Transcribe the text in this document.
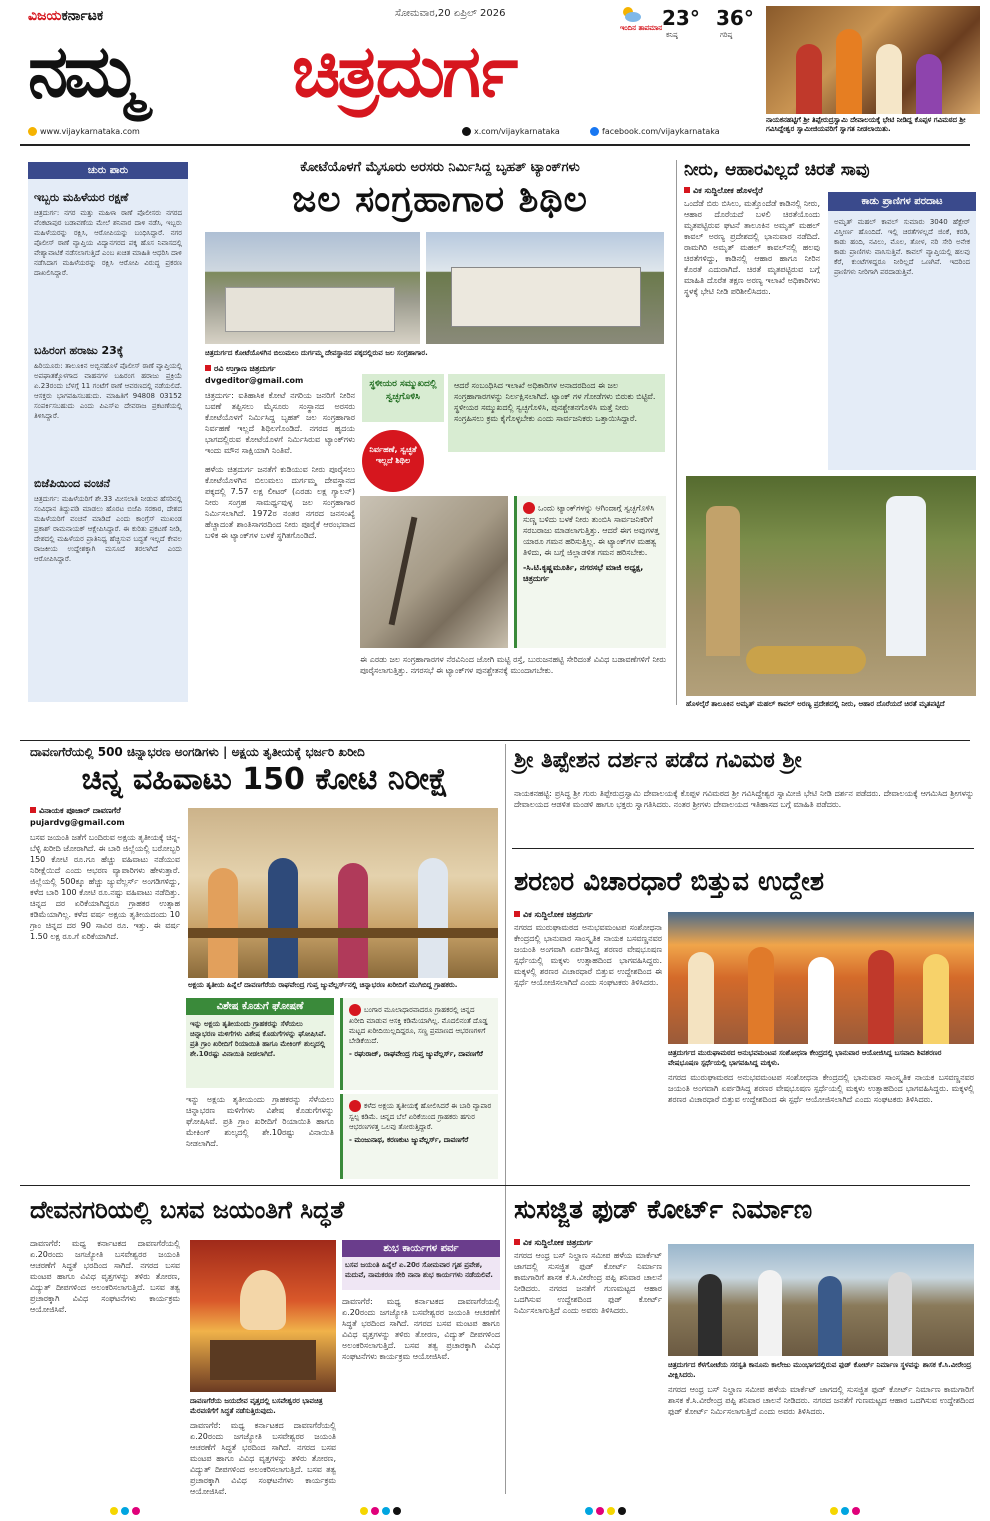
ವಿಜಯಕರ್ನಾಟಕ
ನಮ್ಮ ಚಿತ್ರದುರ್ಗ
ಸೋಮವಾರ,20 ಏಪ್ರಿಲ್ 2026
ಇಂದಿನ ತಾಪಮಾನ 23° 36°
ಕನಿಷ್ಠ	ಗರಿಷ್ಠ
ನಾಯಕನಹಟ್ಟಿಗೆ ಶ್ರೀ ತಿಪ್ಪೇರುದ್ರಸ್ವಾಮಿ ದೇವಾಲಯಕ್ಕೆ ಭೇಟಿ ನೀಡಿದ್ದ ಕೊಪ್ಪಳ ಗವಿಮಠದ ಶ್ರೀ ಗವಿಸಿದ್ದೇಶ್ವರ ಸ್ವಾಮೀಜಿಯವರಿಗೆ ಸ್ವಾಗತ ನೀಡಲಾಯಿತು.
www.vijaykarnataka.com	x.com/vijaykarnataka	facebook.com/vijaykarnataka
ಚುರು ಪಾರು
ಇಬ್ಬರು ಮಹಿಳೆಯರ ರಕ್ಷಣೆ
ಚಿತ್ರದುರ್ಗ: ನಗರ ಮತ್ತು ಮಹಿಳಾ ಠಾಣೆ ಪೊಲೀಸರು ನಗರದ ವೆಂಕಟಾಪುರ ಬಡಾವಣೆಯ ಮೇಲೆ ಶನಿವಾರ ದಾಳಿ ನಡೆಸಿ, ಇಬ್ಬರು ಮಹಿಳೆಯರನ್ನು ರಕ್ಷಿಸಿ, ಆರೋಪಿಯನ್ನು ಬಂಧಿಸಿದ್ದಾರೆ. ನಗರ ಪೊಲೀಸ್ ಠಾಣೆ ವ್ಯಾಪ್ತಿಯ ವಿದ್ಯಾನಗರದ ಪಕ್ಕ ಹೊಸ ನಿವಾಸದಲ್ಲಿ ವೇಶ್ಯಾವಾಟಿಕೆ ನಡೆಸಲಾಗುತ್ತಿದೆ ಎಂಬ ಖಚಿತ ಮಾಹಿತಿ ಆಧರಿಸಿ ದಾಳಿ ನಡೆಸಿದಾಗ ಮಹಿಳೆಯರನ್ನು ರಕ್ಷಿಸಿ ಆರೋಪಿ ವಿರುದ್ಧ ಪ್ರಕರಣ ದಾಖಲಿಸಿದ್ದಾರೆ.
ಬಹಿರಂಗ ಹರಾಜು 23ಕ್ಕೆ
ಹಿರಿಯೂರು: ತಾಲೂಕಿನ ಅಬ್ಬಿನಹೊಳೆ ಪೊಲೀಸ್ ಠಾಣೆ ವ್ಯಾಪ್ತಿಯಲ್ಲಿ ಅಪಘಾತಕ್ಕೊಳಗಾದ ವಾಹನಗಳ ಬಹಿರಂಗ ಹರಾಜು ಪ್ರಕ್ರಿಯೆ ಏ.23ರಂದು ಬೆಳಗ್ಗೆ 11 ಗಂಟೆಗೆ ಠಾಣೆ ಆವರಣದಲ್ಲಿ ನಡೆಯಲಿದೆ. ಆಸಕ್ತರು ಭಾಗವಹಿಸಬಹುದು. ಮಾಹಿತಿಗೆ 94808 03152 ಸಂಪರ್ಕಿಸಬಹುದು ಎಂದು ಪಿಎಸ್‌ಐ ದೇವರಾಜ ಪ್ರಕಟಣೆಯಲ್ಲಿ ತಿಳಿಸಿದ್ದಾರೆ.
ಬಿಜೆಪಿಯಿಂದ ವಂಚನೆ
ಚಿತ್ರದುರ್ಗ: ಮಹಿಳೆಯರಿಗೆ ಶೇ.33 ಮೀಸಲಾತಿ ನೀಡುವ ಹೆಸರಿನಲ್ಲಿ ಸಂವಿಧಾನ ತಿದ್ದುಪಡಿ ಮಾಡಲು ಹೊರಟ ಬಿಜೆಪಿ ಸರಕಾರ, ದೇಶದ ಮಹಿಳೆಯರಿಗೆ ವಂಚನೆ ಮಾಡಿದೆ ಎಂದು ಕಾಂಗ್ರೆಸ್ ಮುಖಂಡ ಪ್ರಕಾಶ್ ರಾಮನಾಯಕ್ ಆಕ್ಷೇಪಿಸಿದ್ದಾರೆ. ಈ ಕುರಿತು ಪ್ರಕಟಣೆ ನೀಡಿ, ದೇಶದಲ್ಲಿ ಮಹಿಳೆಯರ ಪ್ರಾತಿನಿಧ್ಯ ಹೆಚ್ಚಿಸುವ ಬದ್ಧತೆ ಇಲ್ಲದೆ ಕೇವಲ ರಾಜಕೀಯ ಉದ್ದೇಶಕ್ಕಾಗಿ ಮಸೂದೆ ತರಲಾಗಿದೆ ಎಂದು ಆರೋಪಿಸಿದ್ದಾರೆ.
ಕೋಟೆಯೊಳಗೆ ಮೈಸೂರು ಅರಸರು ನಿರ್ಮಿಸಿದ್ದ ಬೃಹತ್ ಟ್ಯಾಂಕ್‌ಗಳು
ಜಲ ಸಂಗ್ರಹಾಗಾರ ಶಿಥಿಲ
ಚಿತ್ರದುರ್ಗದ ಕೋಟೆಯೊಳಗಿನ ಬಿಲುಮಲು ದುರ್ಗಮ್ಮ ದೇವಸ್ಥಾನದ ಪಕ್ಕದಲ್ಲಿರುವ ಜಲ ಸಂಗ್ರಹಾಗಾರ.
ರವಿ ಉಗ್ರಾಣ ಚಿತ್ರದುರ್ಗ
dvgeditor@gmail.com
ಚಿತ್ರದುರ್ಗ: ಐತಿಹಾಸಿಕ ಕೋಟೆ ನಗರಿಯ ಜನರಿಗೆ ನೀರಿನ ಬವಣೆ ತಪ್ಪಿಸಲು ಮೈಸೂರು ಸಂಸ್ಥಾನದ ಅರಸರು ಕೋಟೆಯೊಳಗೆ ನಿರ್ಮಿಸಿದ್ದ ಬೃಹತ್ ಜಲ ಸಂಗ್ರಹಾಗಾರ ನಿರ್ವಹಣೆ ಇಲ್ಲದೆ ಶಿಥಿಲಗೊಂಡಿದೆ. ನಗರದ ಹೃದಯ ಭಾಗದಲ್ಲಿರುವ ಕೋಟೆಯೊಳಗೆ ನಿರ್ಮಿಸಿರುವ ಟ್ಯಾಂಕ್‌ಗಳು ಇಂದು ಮೌನ ಸಾಕ್ಷಿಯಾಗಿ ನಿಂತಿವೆ.
ಹಳೆಯ ಚಿತ್ರದುರ್ಗ ಜನತೆಗೆ ಕುಡಿಯುವ ನೀರು ಪೂರೈಸಲು ಕೋಟೆಯೊಳಗಿನ ಬಿಲುಮಲು ದುರ್ಗಮ್ಮ ದೇವಸ್ಥಾನದ ಪಕ್ಕದಲ್ಲಿ 7.57 ಲಕ್ಷ ಲೀಟರ್ (ಎರಡು ಲಕ್ಷ ಗ್ಯಾಲನ್) ನೀರು ಸಂಗ್ರಹ ಸಾಮರ್ಥ್ಯವುಳ್ಳ ಜಲ ಸಂಗ್ರಹಾಗಾರ ನಿರ್ಮಿಸಲಾಗಿದೆ. 1972ರ ನಂತರ ನಗರದ ಜನಸಂಖ್ಯೆ ಹೆಚ್ಚಾದಂತೆ ಶಾಂತಿಸಾಗರದಿಂದ ನೀರು ಪೂರೈಕೆ ಆರಂಭವಾದ ಬಳಿಕ ಈ ಟ್ಯಾಂಕ್‌ಗಳ ಬಳಕೆ ಸ್ಥಗಿತಗೊಂಡಿದೆ.
ಸ್ಥಳೀಯರ ಸಮ್ಮುಖದಲ್ಲಿ ಸ್ವಚ್ಛಗೊಳಿಸಿ
ಆದರೆ ಸಂಬಂಧಿಸಿದ ಇಲಾಖೆ ಅಧಿಕಾರಿಗಳ ಅನಾದರದಿಂದ ಈ ಜಲ ಸಂಗ್ರಹಾಗಾರಗಳನ್ನು ನಿರ್ಲಕ್ಷಿಸಲಾಗಿದೆ. ಟ್ಯಾಂಕ್ ಗಳ ಗೋಡೆಗಳು ಬಿರುಕು ಬಿಟ್ಟಿವೆ. ಸ್ಥಳೀಯರ ಸಮ್ಮುಖದಲ್ಲಿ ಸ್ವಚ್ಛಗೊಳಿಸಿ, ಪುನಶ್ಚೇತನಗೊಳಿಸಿ ಮತ್ತೆ ನೀರು ಸಂಗ್ರಹಿಸಲು ಕ್ರಮ ಕೈಗೊಳ್ಳಬೇಕು ಎಂದು ಸಾರ್ವಜನಿಕರು ಒತ್ತಾಯಿಸಿದ್ದಾರೆ.
ನಿರ್ವಹಣೆ, ಸ್ವಚ್ಛತೆ ಇಲ್ಲದೆ ಶಿಥಿಲ
ಒಂದು ಟ್ಯಾಂಕ್‌ಗಳನ್ನು ಆಗಿಂದಾಗ್ಗೆ ಸ್ವಚ್ಛಗೊಳಿಸಿ ಸುಣ್ಣ ಬಳಿದು ಬಳಕೆ ನೀರು ತುಂಬಿಸಿ ಸಾರ್ವಜನಿಕರಿಗೆ ಸರಬರಾಜು ಮಾಡಲಾಗುತ್ತಿತ್ತು. ಆದರೆ ಈಗ ಅವುಗಳತ್ತ ಯಾರೂ ಗಮನ ಹರಿಸುತ್ತಿಲ್ಲ. ಈ ಟ್ಯಾಂಕ್‌ಗಳ ಮಹತ್ವ ತಿಳಿದು, ಈ ಬಗ್ಗೆ ಜಿಲ್ಲಾಡಳಿತ ಗಮನ ಹರಿಸಬೇಕು.
-ಸಿ.ಟಿ.ಕೃಷ್ಣಮೂರ್ತಿ, ನಗರಸಭೆ ಮಾಜಿ ಅಧ್ಯಕ್ಷ, ಚಿತ್ರದುರ್ಗ
ಈ ಎರಡು ಜಲ ಸಂಗ್ರಹಾಗಾರಗಳ ನೆರವಿನಿಂದ ಜೋಗಿ ಮಟ್ಟಿ ರಸ್ತೆ, ಬುರುಜನಹಟ್ಟಿ ಸೇರಿದಂತೆ ವಿವಿಧ ಬಡಾವಣೆಗಳಿಗೆ ನೀರು ಪೂರೈಸಲಾಗುತ್ತಿತ್ತು. ನಗರಸಭೆ ಈ ಟ್ಯಾಂಕ್‌ಗಳ ಪುನಶ್ಚೇತನಕ್ಕೆ ಮುಂದಾಗಬೇಕು.
ನೀರು, ಆಹಾರವಿಲ್ಲದೆ ಚಿರತೆ ಸಾವು
ವಿಕ ಸುದ್ದಿಲೋಕ ಹೊಳಲ್ಕೆರೆ
ಒಂದೆಡೆ ಬಿರು ಬಿಸಿಲು, ಮತ್ತೊಂದೆಡೆ ಕಾಡಿನಲ್ಲಿ ನೀರು, ಆಹಾರ ದೊರೆಯದೆ ಬಳಲಿ ಚಿರತೆಯೊಂದು ಮೃತಪಟ್ಟಿರುವ ಘಟನೆ ತಾಲೂಕಿನ ಅಮೃತ್ ಮಹಲ್ ಕಾವಲ್ ಅರಣ್ಯ ಪ್ರದೇಶದಲ್ಲಿ ಭಾನುವಾರ ನಡೆದಿದೆ. ರಾಮಗಿರಿ ಅಮೃತ್ ಮಹಲ್ ಕಾವಲ್‌ನಲ್ಲಿ ಹಲವು ಚಿರತೆಗಳಿದ್ದು, ಕಾಡಿನಲ್ಲಿ ಆಹಾರ ಹಾಗೂ ನೀರಿನ ಕೊರತೆ ಎದುರಾಗಿದೆ. ಚಿರತೆ ಮೃತಪಟ್ಟಿರುವ ಬಗ್ಗೆ ಮಾಹಿತಿ ದೊರೆತ ತಕ್ಷಣ ಅರಣ್ಯ ಇಲಾಖೆ ಅಧಿಕಾರಿಗಳು ಸ್ಥಳಕ್ಕೆ ಭೇಟಿ ನೀಡಿ ಪರಿಶೀಲಿಸಿದರು.
ಕಾಡು ಪ್ರಾಣಿಗಳ ಪರದಾಟ
ಅಮೃತ್ ಮಹಲ್ ಕಾವಲ್ ಸುಮಾರು 3040 ಹೆಕ್ಟೇರ್ ವಿಸ್ತೀರ್ಣ ಹೊಂದಿದೆ. ಇಲ್ಲಿ ಚಿರತೆಗಳಲ್ಲದೆ ಜಿಂಕೆ, ಕರಡಿ, ಕಾಡು ಹಂದಿ, ನವಿಲು, ಮೊಲ, ತೋಳ, ನರಿ ಸೇರಿ ಅನೇಕ ಕಾಡು ಪ್ರಾಣಿಗಳು ವಾಸಿಸುತ್ತಿವೆ. ಕಾವಲ್ ವ್ಯಾಪ್ತಿಯಲ್ಲಿ ಹಲವು ಕೆರೆ, ಕುಂಟೆಗಳಿದ್ದರೂ ನೀರಿಲ್ಲದೆ ಒಣಗಿವೆ. ಇದರಿಂದ ಪ್ರಾಣಿಗಳು ನೀರಿಗಾಗಿ ಪರದಾಡುತ್ತಿವೆ.
ಹೊಳಲ್ಕೆರೆ ತಾಲೂಕಿನ ಅಮೃತ್ ಮಹಲ್ ಕಾವಲ್ ಅರಣ್ಯ ಪ್ರದೇಶದಲ್ಲಿ ನೀರು, ಆಹಾರ ದೊರೆಯದೆ ಚಿರತೆ ಮೃತಪಟ್ಟಿದೆ
ದಾವಣಗೆರೆಯಲ್ಲಿ 500 ಚಿನ್ನಾಭರಣ ಅಂಗಡಿಗಳು | ಅಕ್ಷಯ ತೃತೀಯಕ್ಕೆ ಭರ್ಜರಿ ಖರೀದಿ
ಚಿನ್ನ ವಹಿವಾಟು 150 ಕೋಟಿ ನಿರೀಕ್ಷೆ
ವಿನಾಯಕ ಪೂಜಾರ್ ದಾವಣಗೆರೆ
pujardvg@gmail.com
ಬಸವ ಜಯಂತಿ ಜತೆಗೆ ಬಂದಿರುವ ಅಕ್ಷಯ ತೃತೀಯಕ್ಕೆ ಚಿನ್ನ-ಬೆಳ್ಳಿ ಖರೀದಿ ಜೋರಾಗಿದೆ. ಈ ಬಾರಿ ಜಿಲ್ಲೆಯಲ್ಲಿ ಬರೋಬ್ಬರಿ 150 ಕೋಟಿ ರೂ.ಗೂ ಹೆಚ್ಚು ವಹಿವಾಟು ನಡೆಯುವ ನಿರೀಕ್ಷೆಯಿದೆ ಎಂದು ಆಭರಣ ವ್ಯಾಪಾರಿಗಳು ಹೇಳುತ್ತಾರೆ. ಜಿಲ್ಲೆಯಲ್ಲಿ 500ಕ್ಕೂ ಹೆಚ್ಚು ಜ್ಯುವೆಲ್ಲರ್ಸ್ ಅಂಗಡಿಗಳಿದ್ದು, ಕಳೆದ ಬಾರಿ 100 ಕೋಟಿ ರೂ.ನಷ್ಟು ವಹಿವಾಟು ನಡೆದಿತ್ತು. ಚಿನ್ನದ ದರ ಏರಿಕೆಯಾಗಿದ್ದರೂ ಗ್ರಾಹಕರ ಉತ್ಸಾಹ ಕಡಿಮೆಯಾಗಿಲ್ಲ. ಕಳೆದ ವರ್ಷ ಅಕ್ಷಯ ತೃತೀಯದಂದು 10 ಗ್ರಾಂ ಚಿನ್ನದ ದರ 90 ಸಾವಿರ ರೂ. ಇತ್ತು. ಈ ವರ್ಷ 1.50 ಲಕ್ಷ ರೂ.ಗೆ ಏರಿಕೆಯಾಗಿದೆ.
ಅಕ್ಷಯ ತೃತೀಯ ಹಿನ್ನೆಲೆ ದಾವಣಗೆರೆಯ ರಾಘವೇಂದ್ರ ಗುಪ್ತ ಜ್ಯುವೆಲ್ಲರ್ಸ್‌ನಲ್ಲಿ ಚಿನ್ನಾಭರಣ ಖರೀದಿಗೆ ಮುಗಿಬಿದ್ದ ಗ್ರಾಹಕರು.
ವಿಶೇಷ ಕೊಡುಗೆ ಘೋಷಣೆ
ಇನ್ನು ಅಕ್ಷಯ ತೃತೀಯಂದು ಗ್ರಾಹಕರನ್ನು ಸೆಳೆಯಲು ಚಿನ್ನಾಭರಣ ಮಳಿಗೆಗಳು ವಿಶೇಷ ಕೊಡುಗೆಗಳನ್ನು ಘೋಷಿಸಿವೆ. ಪ್ರತಿ ಗ್ರಾಂ ಖರೀದಿಗೆ ರಿಯಾಯಿತಿ ಹಾಗೂ ಮೇಕಿಂಗ್ ಶುಲ್ಕದಲ್ಲಿ ಶೇ.10ರಷ್ಟು ವಿನಾಯಿತಿ ನೀಡಲಾಗಿದೆ.
ಬಂಗಾರ ಮೂಲಾಧಾರವಾದರೂ ಗ್ರಾಹಕರಲ್ಲಿ ಚಿನ್ನದ ಖರೀದಿ ಮಾಡುವ ಆಸಕ್ತಿ ಕಡಿಮೆಯಾಗಿಲ್ಲ. ಮೊದಲಿನಂತೆ ದೊಡ್ಡ ಮಟ್ಟದ ಖರೀದಿಯಿಲ್ಲದಿದ್ದರೂ, ಸಣ್ಣ ಪ್ರಮಾಣದ ಆಭರಣಗಳಿಗೆ ಬೇಡಿಕೆಯಿದೆ.
- ರಘುರಾಜ್, ರಾಘವೇಂದ್ರ ಗುಪ್ತ ಜ್ಯುವೆಲ್ಲರ್ಸ್, ದಾವಣಗೆರೆ
ಇನ್ನು ಅಕ್ಷಯ ತೃತೀಯಂದು ಗ್ರಾಹಕರನ್ನು ಸೆಳೆಯಲು ಚಿನ್ನಾಭರಣ ಮಳಿಗೆಗಳು ವಿಶೇಷ ಕೊಡುಗೆಗಳನ್ನು ಘೋಷಿಸಿವೆ. ಪ್ರತಿ ಗ್ರಾಂ ಖರೀದಿಗೆ ರಿಯಾಯಿತಿ ಹಾಗೂ ಮೇಕಿಂಗ್ ಶುಲ್ಕದಲ್ಲಿ ಶೇ.10ರಷ್ಟು ವಿನಾಯಿತಿ ನೀಡಲಾಗಿದೆ.
ಕಳೆದ ಅಕ್ಷಯ ತೃತೀಯಕ್ಕೆ ಹೋಲಿಸಿದರೆ ಈ ಬಾರಿ ವ್ಯಾಪಾರ ಸ್ವಲ್ಪ ಕಡಿಮೆ. ಚಿನ್ನದ ಬೆಲೆ ಏರಿಕೆಯಿಂದ ಗ್ರಾಹಕರು ಹಗುರ ಆಭರಣಗಳತ್ತ ಒಲವು ತೋರುತ್ತಿದ್ದಾರೆ.
- ಮಂಜುನಾಥ, ಕರಣಕುಟ ಜ್ಯುವೆಲ್ಲರ್ಸ್, ದಾವಣಗೆರೆ
ಶ್ರೀ ತಿಪ್ಪೇಶನ ದರ್ಶನ ಪಡೆದ ಗವಿಮಠ ಶ್ರೀ
ನಾಯಕನಹಟ್ಟಿ: ಪ್ರಸಿದ್ಧ ಶ್ರೀ ಗುರು ತಿಪ್ಪೇರುದ್ರಸ್ವಾಮಿ ದೇವಾಲಯಕ್ಕೆ ಕೊಪ್ಪಳ ಗವಿಮಠದ ಶ್ರೀ ಗವಿಸಿದ್ದೇಶ್ವರ ಸ್ವಾಮೀಜಿ ಭೇಟಿ ನೀಡಿ ದರ್ಶನ ಪಡೆದರು. ದೇವಾಲಯಕ್ಕೆ ಆಗಮಿಸಿದ ಶ್ರೀಗಳನ್ನು ದೇವಾಲಯದ ಆಡಳಿತ ಮಂಡಳಿ ಹಾಗೂ ಭಕ್ತರು ಸ್ವಾಗತಿಸಿದರು. ನಂತರ ಶ್ರೀಗಳು ದೇವಾಲಯದ ಇತಿಹಾಸದ ಬಗ್ಗೆ ಮಾಹಿತಿ ಪಡೆದರು.
ಶರಣರ ವಿಚಾರಧಾರೆ ಬಿತ್ತುವ ಉದ್ದೇಶ
ವಿಕ ಸುದ್ದಿಲೋಕ ಚಿತ್ರದುರ್ಗ
ನಗರದ ಮುರುಘಾಮಠದ ಅನುಭವಮಂಟಪ ಸಂಶೋಧನಾ ಕೇಂದ್ರದಲ್ಲಿ ಭಾನುವಾರ ಸಾಂಸ್ಕೃತಿಕ ನಾಯಕ ಬಸವಣ್ಣನವರ ಜಯಂತಿ ಅಂಗವಾಗಿ ಏರ್ಪಡಿಸಿದ್ದ ಶರಣರ ವೇಷಭೂಷಣ ಸ್ಪರ್ಧೆಯಲ್ಲಿ ಮಕ್ಕಳು ಉತ್ಸಾಹದಿಂದ ಭಾಗವಹಿಸಿದ್ದರು. ಮಕ್ಕಳಲ್ಲಿ ಶರಣರ ವಿಚಾರಧಾರೆ ಬಿತ್ತುವ ಉದ್ದೇಶದಿಂದ ಈ ಸ್ಪರ್ಧೆ ಆಯೋಜಿಸಲಾಗಿದೆ ಎಂದು ಸಂಘಟಕರು ತಿಳಿಸಿದರು.
ಚಿತ್ರದುರ್ಗದ ಮುರುಘಾಮಠದ ಅನುಭವಮಂಟಪ ಸಂಶೋಧನಾ ಕೇಂದ್ರದಲ್ಲಿ ಭಾನುವಾರ ಆಯೋಜಿಸಿದ್ದ ಬಸವಾದಿ ಶಿವಶರಣರ ವೇಷಭೂಷಣ ಸ್ಪರ್ಧೆಯಲ್ಲಿ ಭಾಗವಹಿಸಿದ್ದ ಮಕ್ಕಳು.
ನಗರದ ಮುರುಘಾಮಠದ ಅನುಭವಮಂಟಪ ಸಂಶೋಧನಾ ಕೇಂದ್ರದಲ್ಲಿ ಭಾನುವಾರ ಸಾಂಸ್ಕೃತಿಕ ನಾಯಕ ಬಸವಣ್ಣನವರ ಜಯಂತಿ ಅಂಗವಾಗಿ ಏರ್ಪಡಿಸಿದ್ದ ಶರಣರ ವೇಷಭೂಷಣ ಸ್ಪರ್ಧೆಯಲ್ಲಿ ಮಕ್ಕಳು ಉತ್ಸಾಹದಿಂದ ಭಾಗವಹಿಸಿದ್ದರು. ಮಕ್ಕಳಲ್ಲಿ ಶರಣರ ವಿಚಾರಧಾರೆ ಬಿತ್ತುವ ಉದ್ದೇಶದಿಂದ ಈ ಸ್ಪರ್ಧೆ ಆಯೋಜಿಸಲಾಗಿದೆ ಎಂದು ಸಂಘಟಕರು ತಿಳಿಸಿದರು.
ದೇವನಗರಿಯಲ್ಲಿ ಬಸವ ಜಯಂತಿಗೆ ಸಿದ್ಧತೆ
ದಾವಣಗೆರೆ: ಮಧ್ಯ ಕರ್ನಾಟಕದ ದಾವಣಗೆರೆಯಲ್ಲಿ ಏ.20ರಂದು ಜಗಜ್ಯೋತಿ ಬಸವೇಶ್ವರರ ಜಯಂತಿ ಆಚರಣೆಗೆ ಸಿದ್ಧತೆ ಭರದಿಂದ ಸಾಗಿದೆ. ನಗರದ ಬಸವ ಮಂಟಪ ಹಾಗೂ ವಿವಿಧ ವೃತ್ತಗಳನ್ನು ತಳಿರು ತೋರಣ, ವಿದ್ಯುತ್ ದೀಪಗಳಿಂದ ಅಲಂಕರಿಸಲಾಗುತ್ತಿದೆ. ಬಸವ ತತ್ವ ಪ್ರಚಾರಕ್ಕಾಗಿ ವಿವಿಧ ಸಂಘಟನೆಗಳು ಕಾರ್ಯಕ್ರಮ ಆಯೋಜಿಸಿವೆ.
ದಾವಣಗೆರೆಯ ಜಯದೇವ ವೃತ್ತದಲ್ಲಿ ಬಸವೇಶ್ವರರ ಭಾವಚಿತ್ರ ಮೆರವಣಿಗೆಗೆ ಸಿದ್ಧತೆ ನಡೆಸುತ್ತಿರುವುದು.
ದಾವಣಗೆರೆ: ಮಧ್ಯ ಕರ್ನಾಟಕದ ದಾವಣಗೆರೆಯಲ್ಲಿ ಏ.20ರಂದು ಜಗಜ್ಯೋತಿ ಬಸವೇಶ್ವರರ ಜಯಂತಿ ಆಚರಣೆಗೆ ಸಿದ್ಧತೆ ಭರದಿಂದ ಸಾಗಿದೆ. ನಗರದ ಬಸವ ಮಂಟಪ ಹಾಗೂ ವಿವಿಧ ವೃತ್ತಗಳನ್ನು ತಳಿರು ತೋರಣ, ವಿದ್ಯುತ್ ದೀಪಗಳಿಂದ ಅಲಂಕರಿಸಲಾಗುತ್ತಿದೆ. ಬಸವ ತತ್ವ ಪ್ರಚಾರಕ್ಕಾಗಿ ವಿವಿಧ ಸಂಘಟನೆಗಳು ಕಾರ್ಯಕ್ರಮ ಆಯೋಜಿಸಿವೆ.
ಶುಭ ಕಾರ್ಯಗಳ ಪರ್ವ
ಬಸವ ಜಯಂತಿ ಹಿನ್ನೆಲೆ ಏ.20ರ ಸೋಮವಾರ ಗೃಹ ಪ್ರವೇಶ, ಮದುವೆ, ನಾಮಕರಣ ಸೇರಿ ನಾನಾ ಶುಭ ಕಾರ್ಯಗಳು ನಡೆಯಲಿವೆ.
ದಾವಣಗೆರೆ: ಮಧ್ಯ ಕರ್ನಾಟಕದ ದಾವಣಗೆರೆಯಲ್ಲಿ ಏ.20ರಂದು ಜಗಜ್ಯೋತಿ ಬಸವೇಶ್ವರರ ಜಯಂತಿ ಆಚರಣೆಗೆ ಸಿದ್ಧತೆ ಭರದಿಂದ ಸಾಗಿದೆ. ನಗರದ ಬಸವ ಮಂಟಪ ಹಾಗೂ ವಿವಿಧ ವೃತ್ತಗಳನ್ನು ತಳಿರು ತೋರಣ, ವಿದ್ಯುತ್ ದೀಪಗಳಿಂದ ಅಲಂಕರಿಸಲಾಗುತ್ತಿದೆ. ಬಸವ ತತ್ವ ಪ್ರಚಾರಕ್ಕಾಗಿ ವಿವಿಧ ಸಂಘಟನೆಗಳು ಕಾರ್ಯಕ್ರಮ ಆಯೋಜಿಸಿವೆ.
ಸುಸಜ್ಜಿತ ಫುಡ್ ಕೋರ್ಟ್ ನಿರ್ಮಾಣ
ವಿಕ ಸುದ್ದಿಲೋಕ ಚಿತ್ರದುರ್ಗ
ನಗರದ ಆಂಧ್ರ ಬಸ್ ನಿಲ್ದಾಣ ಸಮೀಪ ಹಳೆಯ ಮಾರ್ಕೆಟ್ ಜಾಗದಲ್ಲಿ ಸುಸಜ್ಜಿತ ಫುಡ್ ಕೋರ್ಟ್ ನಿರ್ಮಾಣ ಕಾಮಗಾರಿಗೆ ಶಾಸಕ ಕೆ.ಸಿ.ವೀರೇಂದ್ರ ಪಪ್ಪಿ ಶನಿವಾರ ಚಾಲನೆ ನೀಡಿದರು. ನಗರದ ಜನತೆಗೆ ಗುಣಮಟ್ಟದ ಆಹಾರ ಒದಗಿಸುವ ಉದ್ದೇಶದಿಂದ ಫುಡ್ ಕೋರ್ಟ್ ನಿರ್ಮಿಸಲಾಗುತ್ತಿದೆ ಎಂದು ಅವರು ತಿಳಿಸಿದರು.
ಚಿತ್ರದುರ್ಗದ ಕೆಳಗೋಟೆಯ ಸರಸ್ವತಿ ಕಾನೂನು ಕಾಲೇಜು ಮುಂಭಾಗದಲ್ಲಿರುವ ಫುಡ್ ಕೋರ್ಟ್ ನಿರ್ಮಾಣ ಸ್ಥಳವನ್ನು ಶಾಸಕ ಕೆ.ಸಿ.ವೀರೇಂದ್ರ ವೀಕ್ಷಿಸಿದರು.
ನಗರದ ಆಂಧ್ರ ಬಸ್ ನಿಲ್ದಾಣ ಸಮೀಪ ಹಳೆಯ ಮಾರ್ಕೆಟ್ ಜಾಗದಲ್ಲಿ ಸುಸಜ್ಜಿತ ಫುಡ್ ಕೋರ್ಟ್ ನಿರ್ಮಾಣ ಕಾಮಗಾರಿಗೆ ಶಾಸಕ ಕೆ.ಸಿ.ವೀರೇಂದ್ರ ಪಪ್ಪಿ ಶನಿವಾರ ಚಾಲನೆ ನೀಡಿದರು. ನಗರದ ಜನತೆಗೆ ಗುಣಮಟ್ಟದ ಆಹಾರ ಒದಗಿಸುವ ಉದ್ದೇಶದಿಂದ ಫುಡ್ ಕೋರ್ಟ್ ನಿರ್ಮಿಸಲಾಗುತ್ತಿದೆ ಎಂದು ಅವರು ತಿಳಿಸಿದರು.
